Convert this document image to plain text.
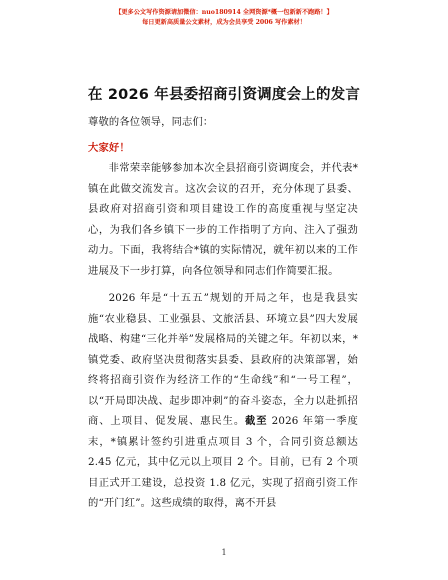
【更多公文写作资源请加微信：nuo180914 全网资源*概一包新新不跑路！】
每日更新高质量公文素材，成为会员享受 2006 写作素材！
在 2026 年县委招商引资调度会上的发言
尊敬的各位领导，同志们：
大家好！
非常荣幸能够参加本次全县招商引资调度会，并代表*镇在此做交流发言。这次会议的召开，充分体现了县委、县政府对招商引资和项目建设工作的高度重视与坚定决心，为我们各乡镇下一步的工作指明了方向、注入了强劲动力。下面，我将结合*镇的实际情况，就年初以来的工作进展及下一步打算，向各位领导和同志们作简要汇报。
2026 年是“十五五”规划的开局之年，也是我县实施“农业稳县、工业强县、文旅活县、环境立县”四大发展战略、构建“三化并举”发展格局的关键之年。年初以来，*镇党委、政府坚决贯彻落实县委、县政府的决策部署，始终将招商引资作为经济工作的“生命线”和“一号工程”，以“开局即决战、起步即冲刺”的奋斗姿态，全力以赴抓招商、上项目、促发展、惠民生。截至 2026 年第一季度末，*镇累计签约引进重点项目 3 个，合同引资总额达 2.45 亿元，其中亿元以上项目 2 个。目前，已有 2 个项目正式开工建设，总投资 1.8 亿元，实现了招商引资工作的“开门红”。这些成绩的取得，离不开县
1
